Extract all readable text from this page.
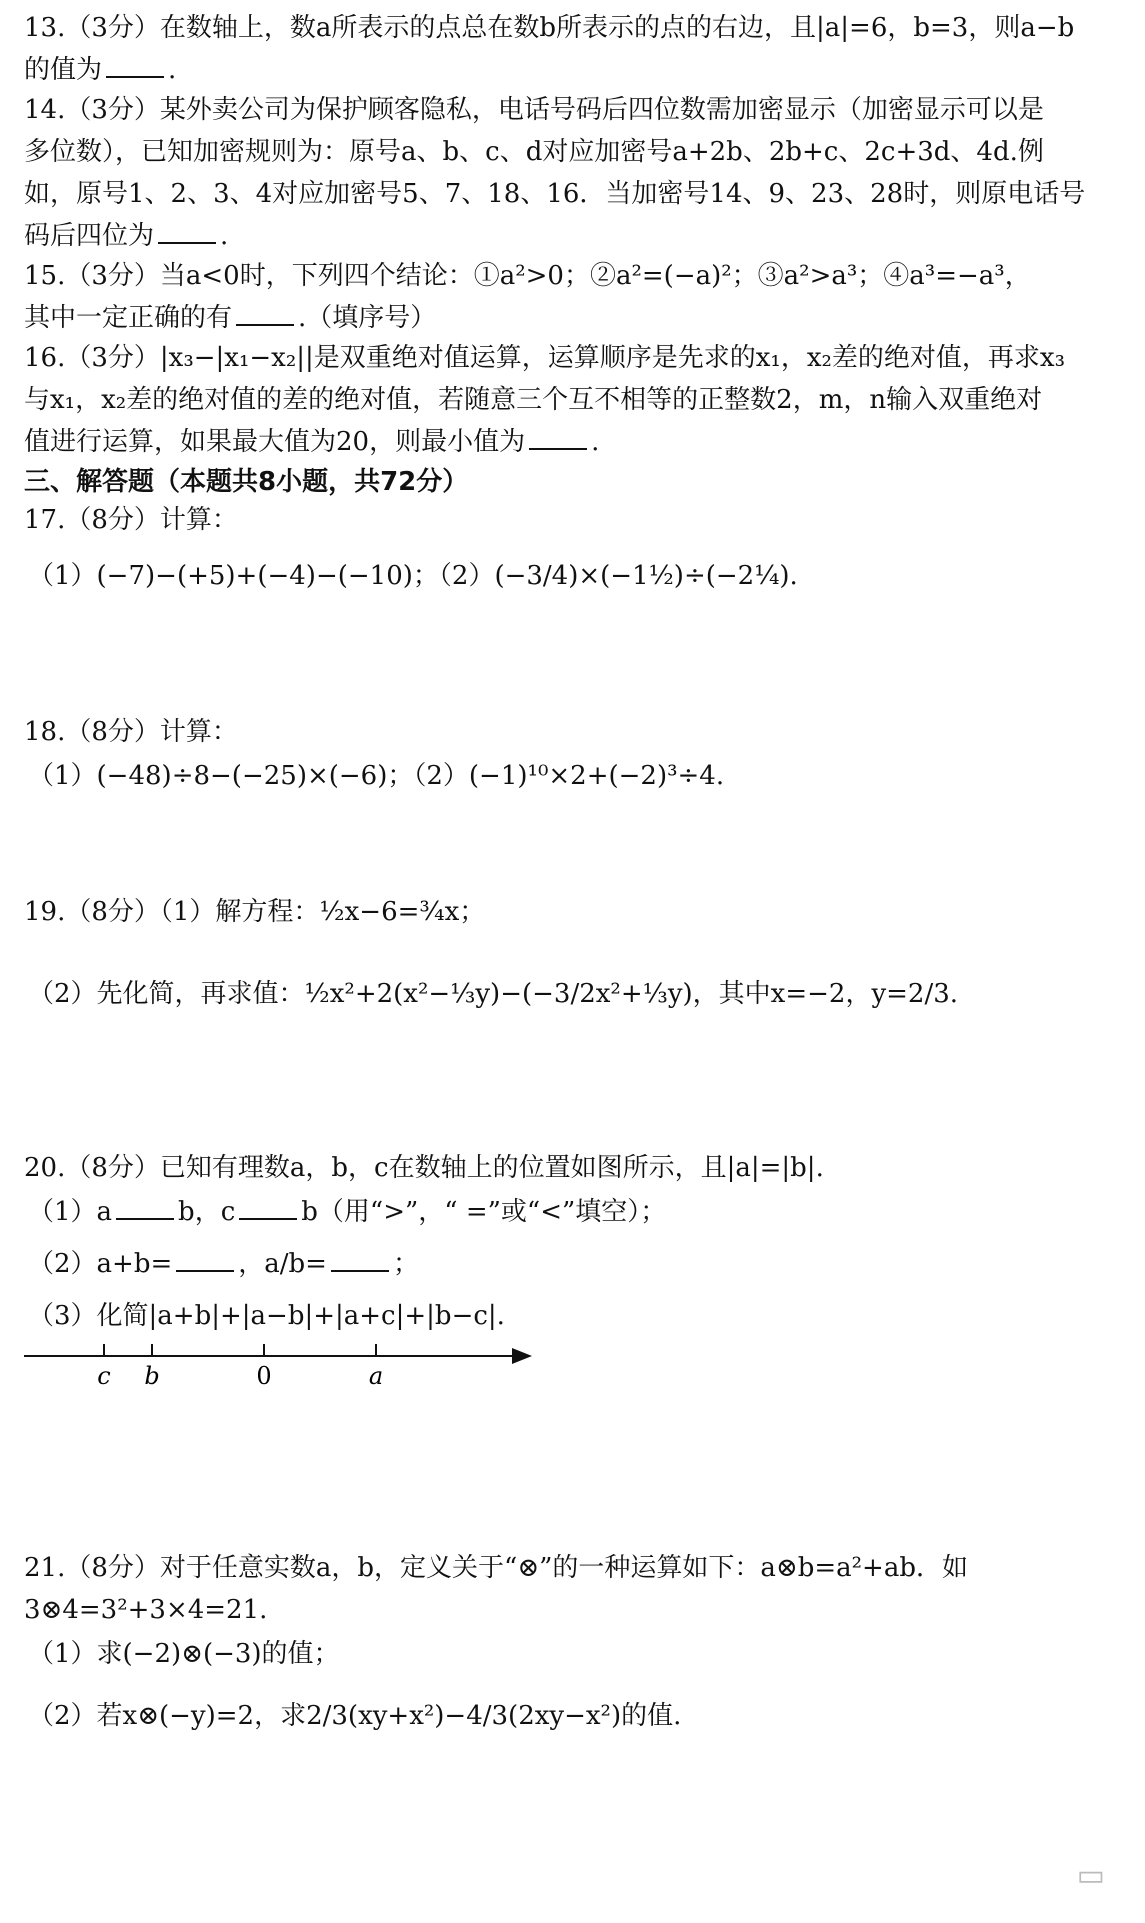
13.（3分）在数轴上，数a所表示的点总在数b所表示的点的右边，且|a|=6，b=3，则a−b
的值为	.
14.（3分）某外卖公司为保护顾客隐私，电话号码后四位数需加密显示（加密显示可以是
多位数），已知加密规则为：原号a、b、c、d对应加密号a+2b、2b+c、2c+3d、4d.例
如，原号1、2、3、4对应加密号5、7、18、16．当加密号14、9、23、28时，则原电话号
码后四位为	.
15.（3分）当a<0时，下列四个结论：①a²>0；②a²=(−a)²；③a²>a³；④a³=−a³，
其中一定正确的有	.（填序号）
16.（3分）|x₃−|x₁−x₂||是双重绝对值运算，运算顺序是先求的x₁，x₂差的绝对值，再求x₃
与x₁，x₂差的绝对值的差的绝对值，若随意三个互不相等的正整数2，m，n输入双重绝对
值进行运算，如果最大值为20，则最小值为	.
三、解答题（本题共8小题，共72分）
17.（8分）计算：
（1）(−7)−(+5)+(−4)−(−10)；（2）(−3/4)×(−1½)÷(−2¼).
18.（8分）计算：
（1）(−48)÷8−(−25)×(−6)；（2）(−1)¹⁰×2+(−2)³÷4.
19.（8分）（1）解方程：½x−6=¾x；
（2）先化简，再求值：½x²+2(x²−⅓y)−(−3/2x²+⅓y)，其中x=−2，y=2/3.
20.（8分）已知有理数a，b，c在数轴上的位置如图所示，且|a|=|b|.
（1）a	b，c	b（用“>”，“ =”或“<”填空）；
（2）a+b=	，a/b=	；
（3）化简|a+b|+|a−b|+|a+c|+|b−c|.
c b	0	a
21.（8分）对于任意实数a，b，定义关于“⊗”的一种运算如下：a⊗b=a²+ab．如
3⊗4=3²+3×4=21.
（1）求(−2)⊗(−3)的值；
（2）若x⊗(−y)=2，求2/3(xy+x²)−4/3(2xy−x²)的值.
▭
